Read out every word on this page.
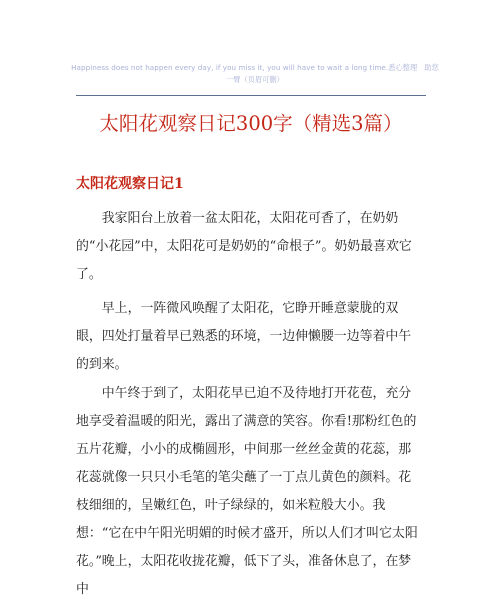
Happiness does not happen every day, if you miss it, you will have to wait a long time.悉心整理　助您一臂（页眉可删）
太阳花观察日记300字（精选3篇）
太阳花观察日记1

我家阳台上放着一盆太阳花，太阳花可香了，在奶奶的“小花园”中，太阳花可是奶奶的“命根子”。奶奶最喜欢它了。

早上，一阵微风唤醒了太阳花，它睁开睡意蒙胧的双眼，四处打量着早已熟悉的环境，一边伸懒腰一边等着中午的到来。

中午终于到了，太阳花早已迫不及待地打开花苞，充分地享受着温暖的阳光，露出了满意的笑容。你看!那粉红色的五片花瓣，小小的成椭圆形，中间那一丝丝金黄的花蕊，那花蕊就像一只只小毛笔的笔尖蘸了一丁点儿黄色的颜料。花枝细细的，呈嫩红色，叶子绿绿的，如米粒般大小。我想：“它在中午阳光明媚的时候才盛开，所以人们才叫它太阳花。” 晚上，太阳花收拢花瓣，低下了头，准备休息了，在梦中
